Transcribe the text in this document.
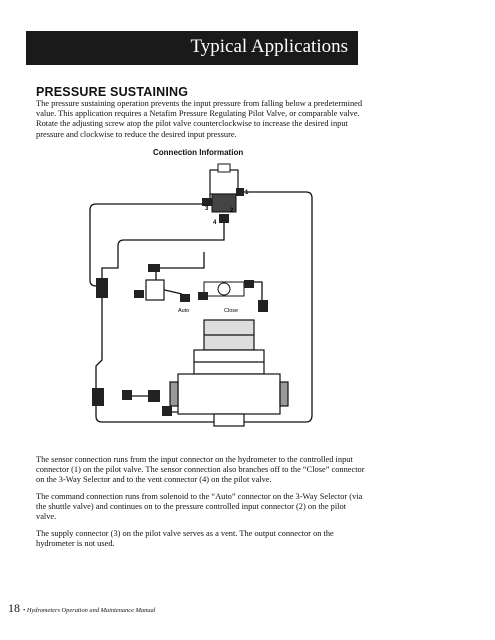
Typical Applications
PRESSURE SUSTAINING

The pressure sustaining operation prevents the input pressure from falling below a predetermined value. This application requires a Netafim Pressure Regulating Pilot Valve, or comparable valve. Rotate the adjusting screw atop the pilot valve counterclockwise to increase the desired input pressure and clockwise to reduce the desired input pressure.

Connection Information
1
2
3
4
Auto	Close

The sensor connection runs from the input connector on the hydrometer to the controlled input connector (1) on the pilot valve. The sensor connection also branches off to the “Close” connector on the 3-Way Selector and to the vent connector (4) on the pilot valve.

The command connection runs from solenoid to the “Auto” connector on the 3-Way Selector (via the shuttle valve) and continues on to the pressure controlled input connector (2) on the pilot valve.

The supply connector (3) on the pilot valve serves as a vent. The output connector on the hydrometer is not used.

18 • Hydrometers Operation and Maintenance Manual
